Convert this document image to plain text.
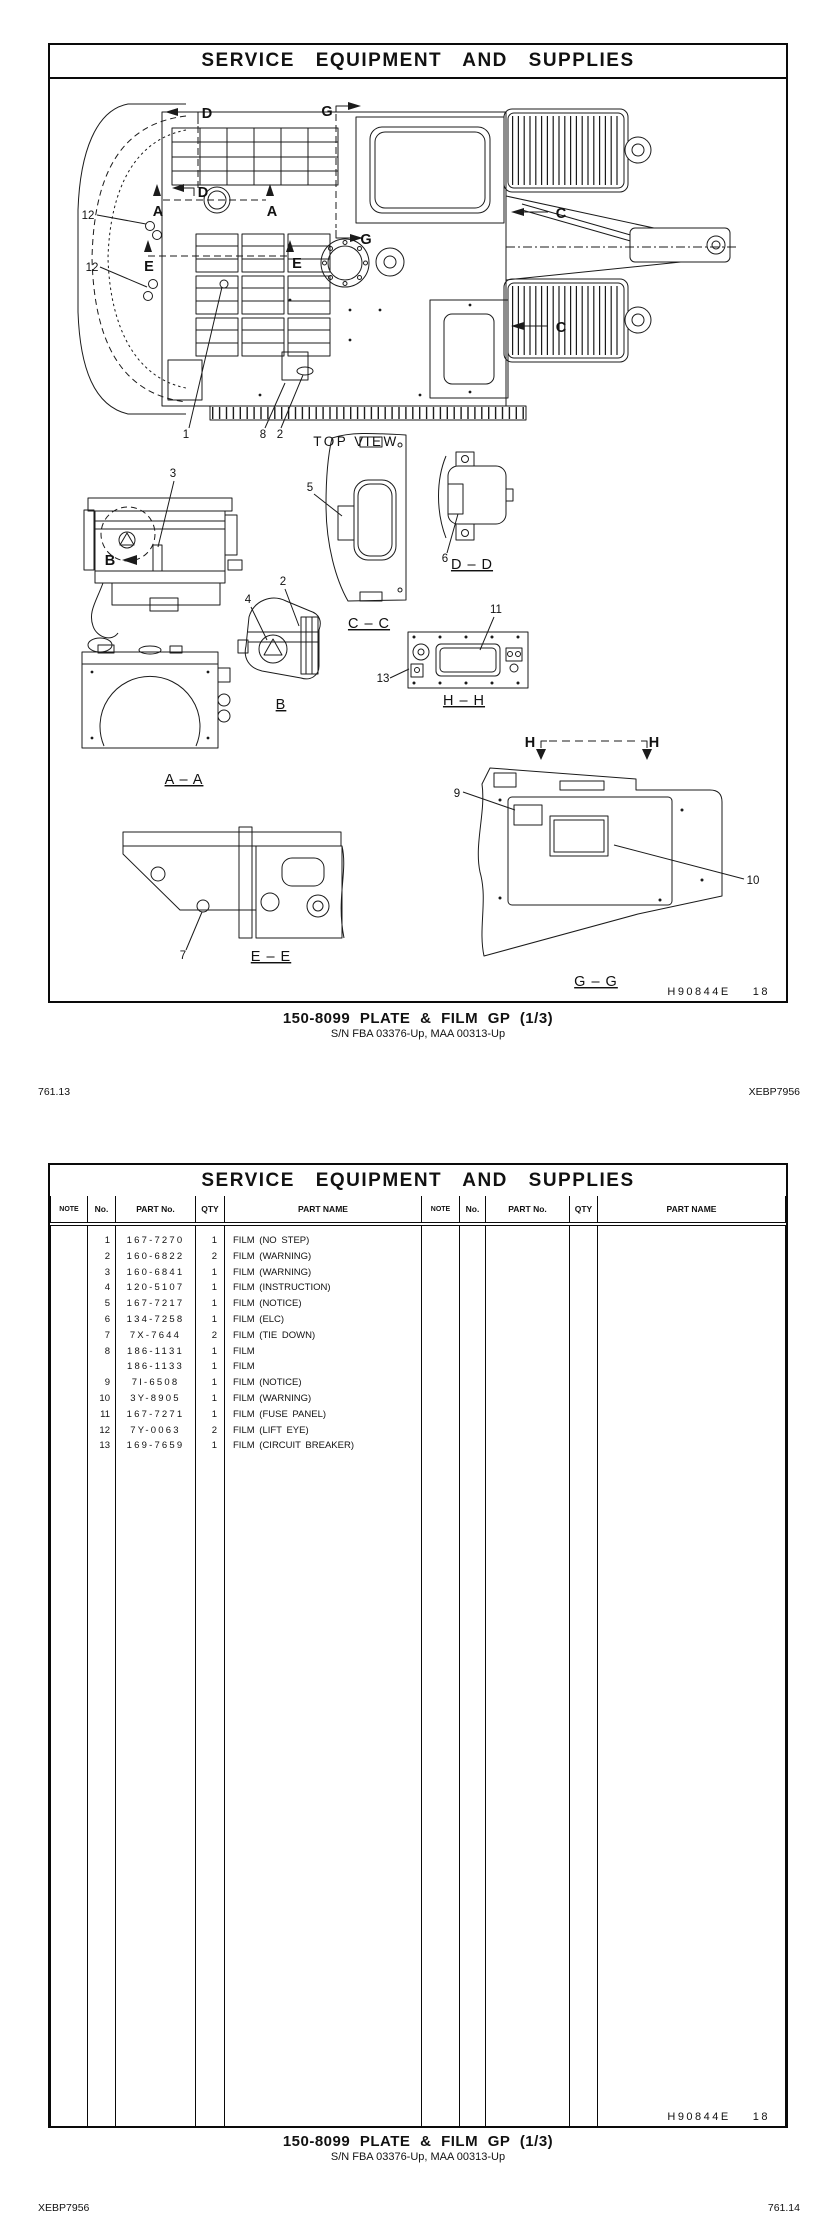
SERVICE EQUIPMENT AND SUPPLIES
TOP VIEW
A – A
B
C – C
D – D
E – E
G – G
H – H
D	G
D
A	A
E	E
G
C
C
B
H	H
12
12
1	8 2
3
5
6
4
2
11
13
9
10
7
H90844E 18
150-8099 PLATE & FILM GP (1/3)
S/N FBA 03376-Up, MAA 00313-Up
761.13	XEBP7956
SERVICE EQUIPMENT AND SUPPLIES
NOTE	No.	PART No.	QTY	PART NAME	NOTE	No.	PART No.	QTY	PART NAME

	1	167-7270	1	FILM (NO STEP)					
	2	160-6822	2	FILM (WARNING)					
	3	160-6841	1	FILM (WARNING)					
	4	120-5107	1	FILM (INSTRUCTION)					
	5	167-7217	1	FILM (NOTICE)					
	6	134-7258	1	FILM (ELC)					
	7	7X-7644	2	FILM (TIE DOWN)					
	8	186-1131	1	FILM					
		186-1133	1	FILM					
	9	7I-6508	1	FILM (NOTICE)					
	10	3Y-8905	1	FILM (WARNING)					
	11	167-7271	1	FILM (FUSE PANEL)					
	12	7Y-0063	2	FILM (LIFT EYE)					
	13	169-7659	1	FILM (CIRCUIT BREAKER)					

H90844E 18
150-8099 PLATE & FILM GP (1/3)
S/N FBA 03376-Up, MAA 00313-Up
XEBP7956	761.14
